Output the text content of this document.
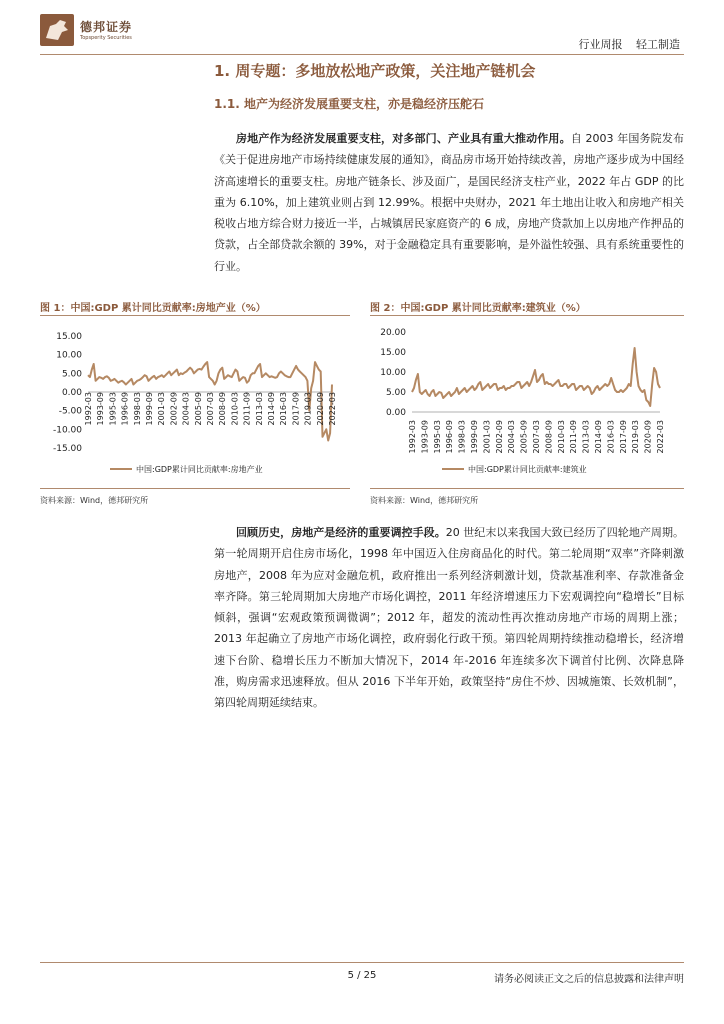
德邦证券
Topsperity Securities	行业周报 轻工制造
1. 周专题：多地放松地产政策，关注地产链机会
1.1. 地产为经济发展重要支柱，亦是稳经济压舵石

房地产作为经济发展重要支柱，对多部门、产业具有重大推动作用。自 2003 年国务院发布《关于促进房地产市场持续健康发展的通知》，商品房市场开始持续改善，房地产逐步成为中国经济高速增长的重要支柱。房地产链条长、涉及面广，是国民经济支柱产业，2022 年占 GDP 的比重为 6.10%，加上建筑业则占到 12.99%。根据中央财办，2021 年土地出让收入和房地产相关税收占地方综合财力接近一半，占城镇居民家庭资产的 6 成，房地产贷款加上以房地产作押品的贷款，占全部贷款余额的 39%，对于金融稳定具有重要影响，是外溢性较强、具有系统重要性的行业。

图 1：中国:GDP 累计同比贡献率:房地产业（%）
15.00
10.00
5.00
0.00
-5.00
-10.00
-15.00
1992-03 1993-09 1995-03 1996-09 1998-03 1999-09 2001-03 2002-09 2004-03 2005-09 2007-03 2008-09 2010-03 2011-09 2013-03 2014-09 2016-03 2017-09 2019-03 2020-09 2022-03
中国:GDP累计同比贡献率:房地产业
资料来源：Wind，德邦研究所
图 2：中国:GDP 累计同比贡献率:建筑业（%）
20.00
15.00
10.00
5.00
0.00
1992-03 1993-09 1995-03 1996-09 1998-03 1999-09 2001-03 2002-09 2004-03 2005-09 2007-03 2008-09 2010-03 2011-09 2013-03 2014-09 2016-03 2017-09 2019-03 2020-09 2022-03
中国:GDP累计同比贡献率:建筑业
资料来源：Wind，德邦研究所

回顾历史，房地产是经济的重要调控手段。20 世纪末以来我国大致已经历了四轮地产周期。第一轮周期开启住房市场化，1998 年中国迈入住房商品化的时代。第二轮周期“双率”齐降刺激房地产，2008 年为应对金融危机，政府推出一系列经济刺激计划，贷款基准利率、存款准备金率齐降。第三轮周期加大房地产市场化调控，2011 年经济增速压力下宏观调控向“稳增长”目标倾斜，强调“宏观政策预调微调”；2012 年，超发的流动性再次推动房地产市场的周期上涨；2013 年起确立了房地产市场化调控，政府弱化行政干预。第四轮周期持续推动稳增长，经济增速下台阶、稳增长压力不断加大情况下，2014 年-2016 年连续多次下调首付比例、次降息降准，购房需求迅速释放。但从 2016 下半年开始，政策坚持“房住不炒、因城施策、长效机制”，第四轮周期延续结束。

5 / 25	请务必阅读正文之后的信息披露和法律声明
